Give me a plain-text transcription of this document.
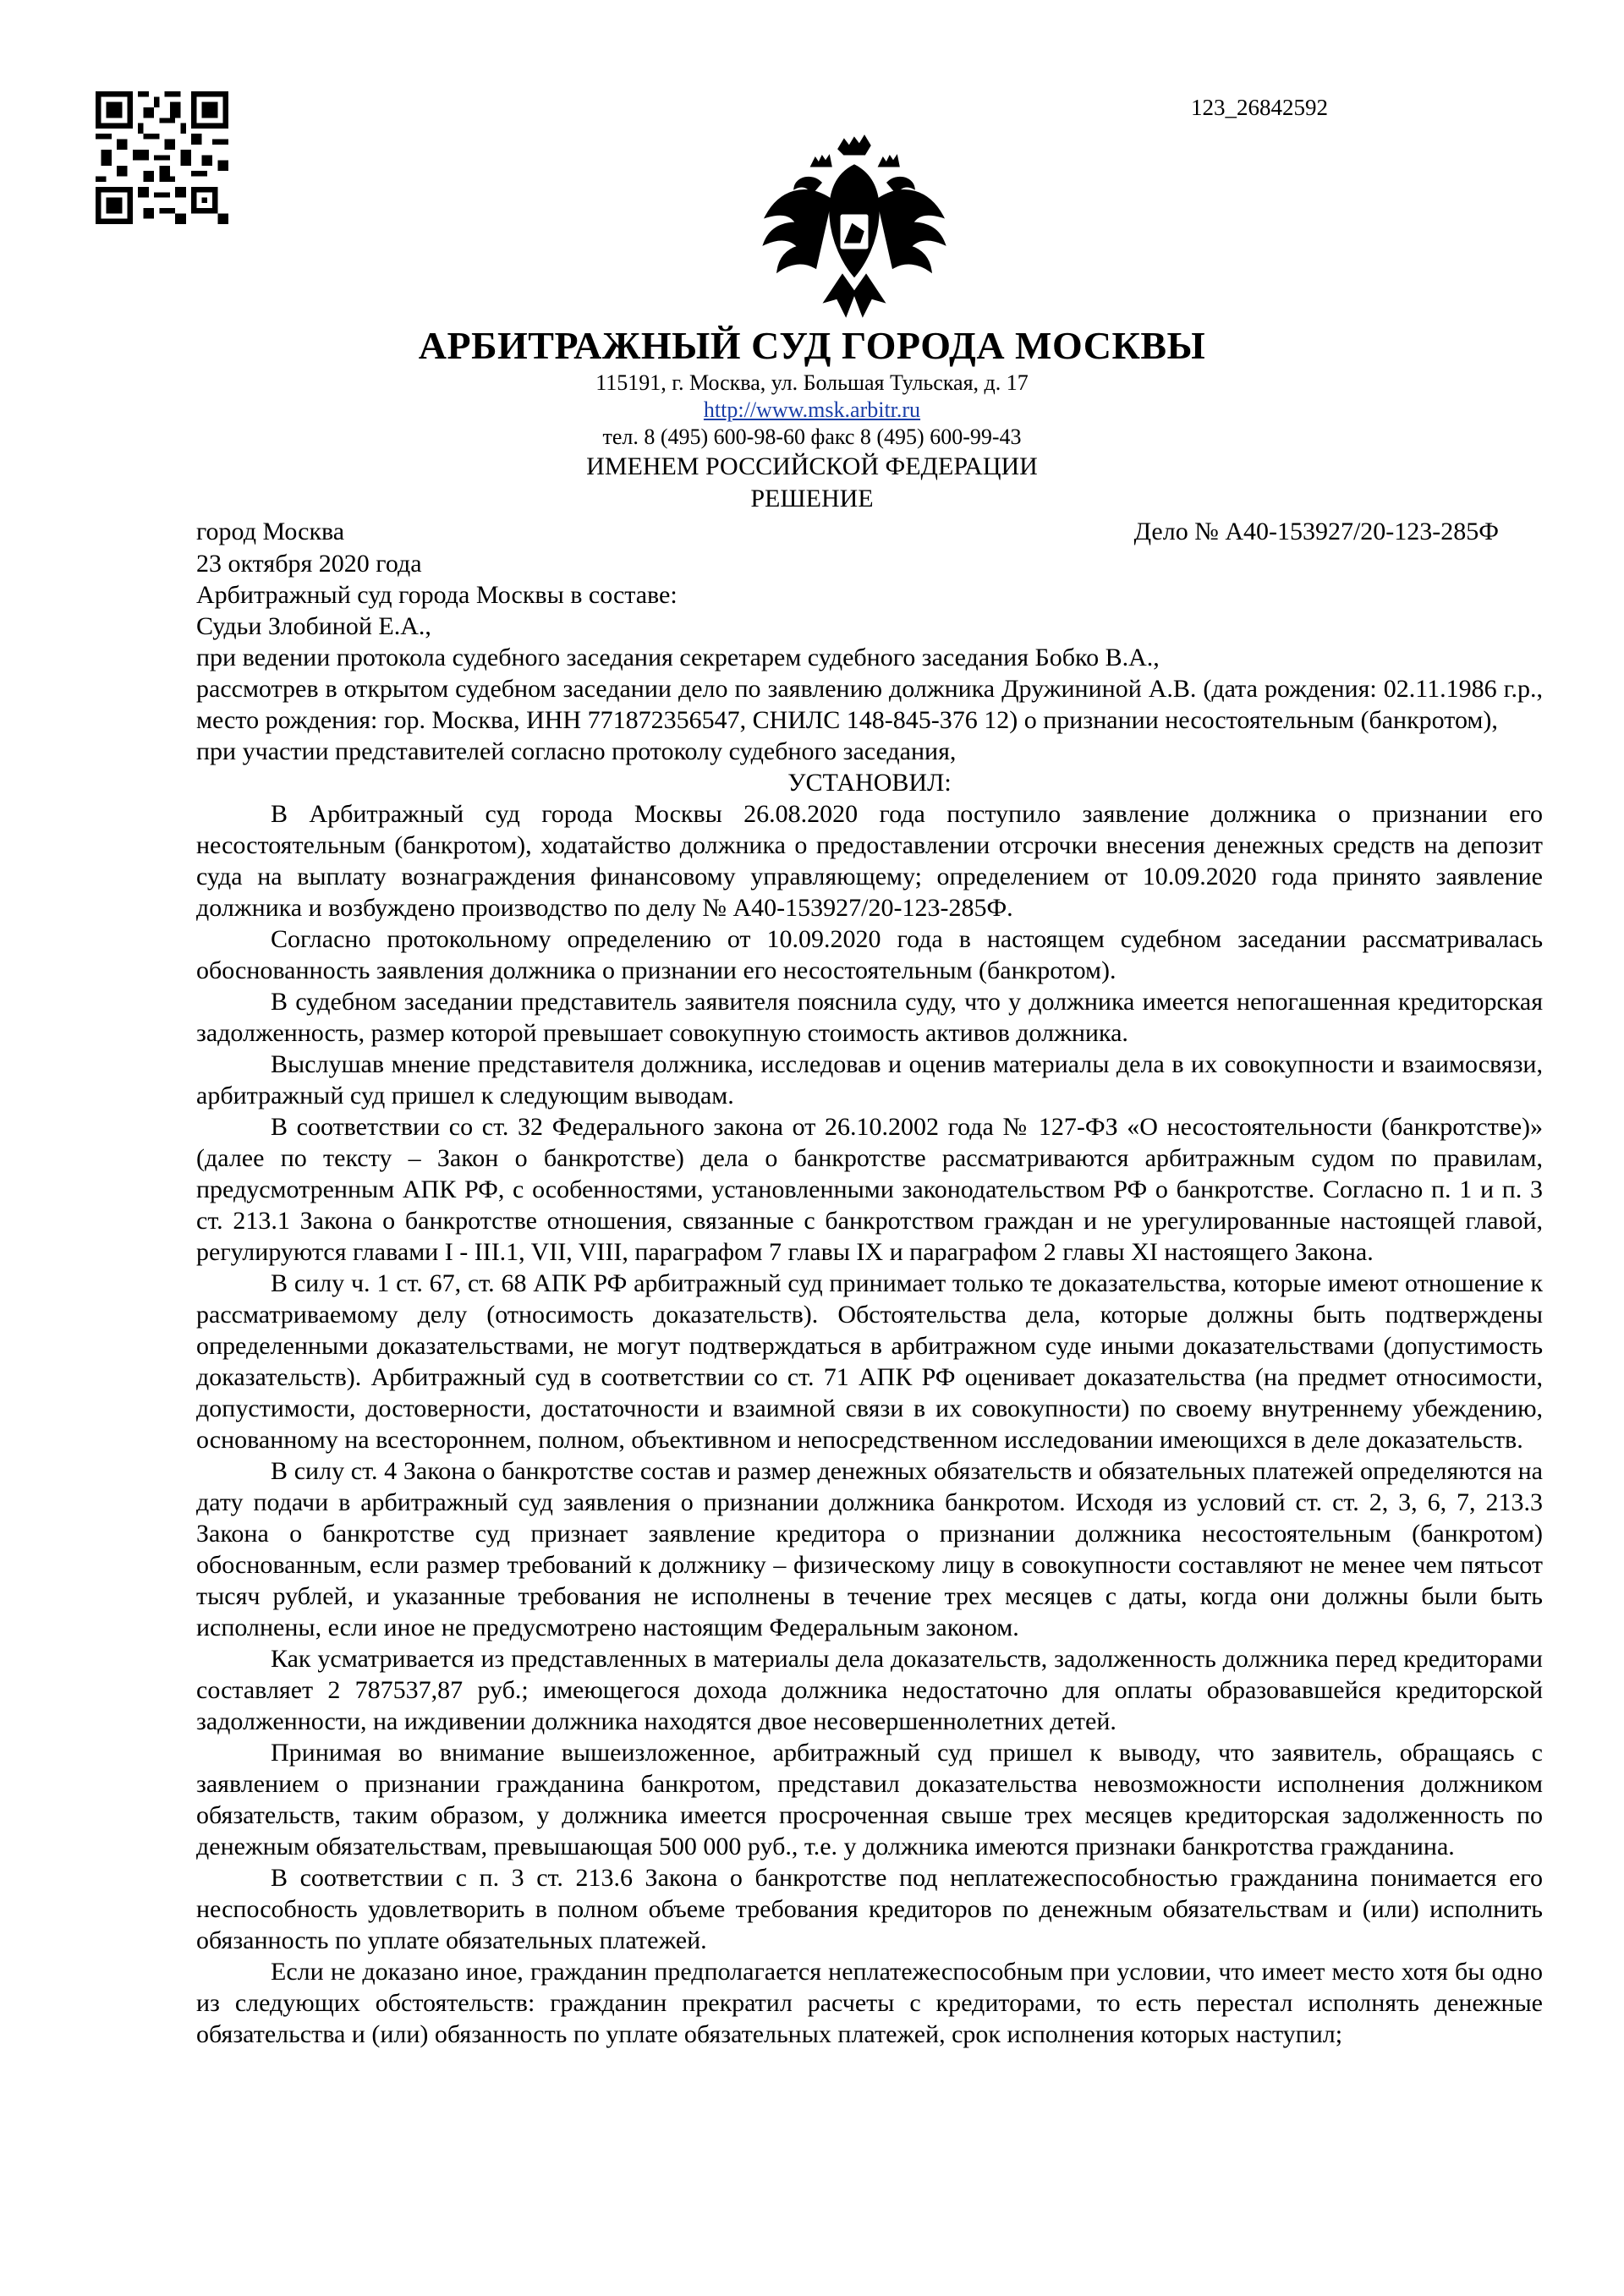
123_26842592
АРБИТРАЖНЫЙ СУД ГОРОДА МОСКВЫ
115191, г. Москва, ул. Большая Тульская, д. 17
http://www.msk.arbitr.ru
тел. 8 (495) 600-98-60 факс 8 (495) 600-99-43
ИМЕНЕМ РОССИЙСКОЙ ФЕДЕРАЦИИ
РЕШЕНИЕ
город Москва	Дело № А40-153927/20-123-285Ф

23 октября 2020 года

Арбитражный суд города Москвы в составе:

Судьи Злобиной Е.А.,

при ведении протокола судебного заседания секретарем судебного заседания Бобко В.А.,

рассмотрев в открытом судебном заседании дело по заявлению должника Дружининой А.В. (дата рождения: 02.11.1986 г.р., место рождения: гор. Москва, ИНН 771872356547, СНИЛС 148-845-376 12) о признании несостоятельным (банкротом),

при участии представителей согласно протоколу судебного заседания,

УСТАНОВИЛ:

В Арбитражный суд города Москвы 26.08.2020 года поступило заявление должника о признании его несостоятельным (банкротом), ходатайство должника о предоставлении отсрочки внесения денежных средств на депозит суда на выплату вознаграждения финансовому управляющему; определением от 10.09.2020 года принято заявление должника и возбуждено производство по делу № А40-153927/20-123-285Ф.

Согласно протокольному определению от 10.09.2020 года в настоящем судебном заседании рассматривалась обоснованность заявления должника о признании его несостоятельным (банкротом).

В судебном заседании представитель заявителя пояснила суду, что у должника имеется непогашенная кредиторская задолженность, размер которой превышает совокупную стоимость активов должника.

Выслушав мнение представителя должника, исследовав и оценив материалы дела в их совокупности и взаимосвязи, арбитражный суд пришел к следующим выводам.

В соответствии со ст. 32 Федерального закона от 26.10.2002 года № 127-ФЗ «О несостоятельности (банкротстве)» (далее по тексту – Закон о банкротстве) дела о банкротстве рассматриваются арбитражным судом по правилам, предусмотренным АПК РФ, с особенностями, установленными законодательством РФ о банкротстве. Согласно п. 1 и п. 3 ст. 213.1 Закона о банкротстве отношения, связанные с банкротством граждан и не урегулированные настоящей главой, регулируются главами I - III.1, VII, VIII, параграфом 7 главы IX и параграфом 2 главы XI настоящего Закона.

В силу ч. 1 ст. 67, ст. 68 АПК РФ арбитражный суд принимает только те доказательства, которые имеют отношение к рассматриваемому делу (относимость доказательств). Обстоятельства дела, которые должны быть подтверждены определенными доказательствами, не могут подтверждаться в арбитражном суде иными доказательствами (допустимость доказательств). Арбитражный суд в соответствии со ст. 71 АПК РФ оценивает доказательства (на предмет относимости, допустимости, достоверности, достаточности и взаимной связи в их совокупности) по своему внутреннему убеждению, основанному на всестороннем, полном, объективном и непосредственном исследовании имеющихся в деле доказательств.

В силу ст. 4 Закона о банкротстве состав и размер денежных обязательств и обязательных платежей определяются на дату подачи в арбитражный суд заявления о признании должника банкротом. Исходя из условий ст. ст. 2, 3, 6, 7, 213.3 Закона о банкротстве суд признает заявление кредитора о признании должника несостоятельным (банкротом) обоснованным, если размер требований к должнику – физическому лицу в совокупности составляют не менее чем пятьсот тысяч рублей, и указанные требования не исполнены в течение трех месяцев с даты, когда они должны были быть исполнены, если иное не предусмотрено настоящим Федеральным законом.

Как усматривается из представленных в материалы дела доказательств, задолженность должника перед кредиторами составляет 2 787537,87 руб.; имеющегося дохода должника недостаточно для оплаты образовавшейся кредиторской задолженности, на иждивении должника находятся двое несовершеннолетних детей.

Принимая во внимание вышеизложенное, арбитражный суд пришел к выводу, что заявитель, обращаясь с заявлением о признании гражданина банкротом, представил доказательства невозможности исполнения должником обязательств, таким образом, у должника имеется просроченная свыше трех месяцев кредиторская задолженность по денежным обязательствам, превышающая 500 000 руб., т.е. у должника имеются признаки банкротства гражданина.

В соответствии с п. 3 ст. 213.6 Закона о банкротстве под неплатежеспособностью гражданина понимается его неспособность удовлетворить в полном объеме требования кредиторов по денежным обязательствам и (или) исполнить обязанность по уплате обязательных платежей.

Если не доказано иное, гражданин предполагается неплатежеспособным при условии, что имеет место хотя бы одно из следующих обстоятельств: гражданин прекратил расчеты с кредиторами, то есть перестал исполнять денежные обязательства и (или) обязанность по уплате обязательных платежей, срок исполнения которых наступил;
